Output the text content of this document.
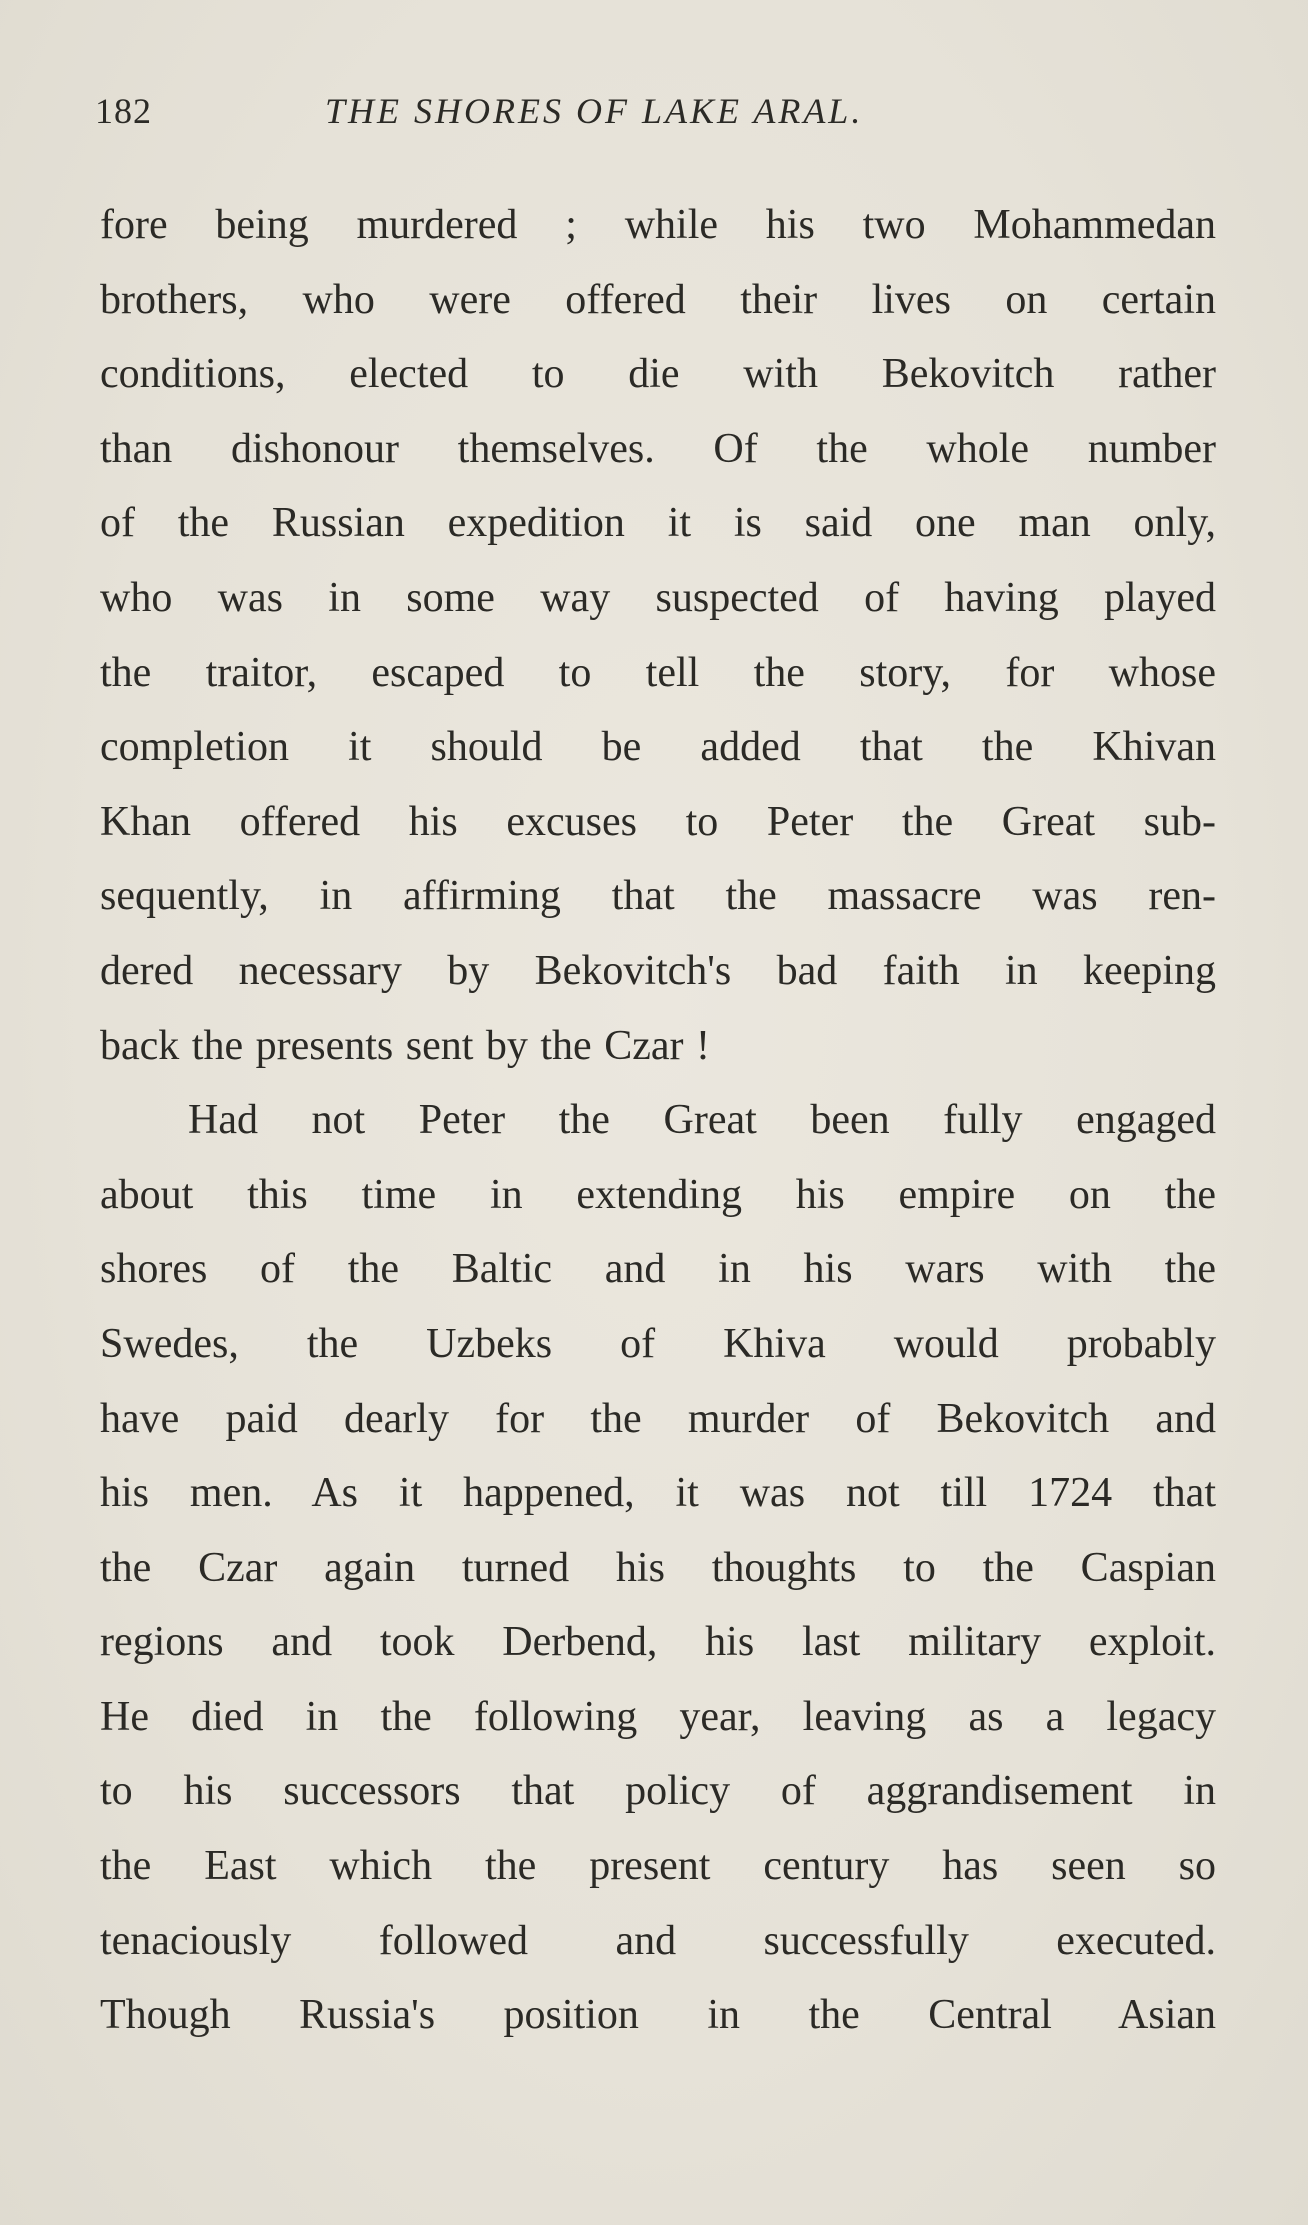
182	THE SHORES OF LAKE ARAL.
fore being murdered ; while his two Mohammedan
brothers, who were offered their lives on certain
conditions, elected to die with Bekovitch rather
than dishonour themselves. Of the whole number
of the Russian expedition it is said one man only,
who was in some way suspected of having played
the traitor, escaped to tell the story, for whose
completion it should be added that the Khivan
Khan offered his excuses to Peter the Great sub-
sequently, in affirming that the massacre was ren-
dered necessary by Bekovitch's bad faith in keeping
back the presents sent by the Czar !
Had not Peter the Great been fully engaged
about this time in extending his empire on the
shores of the Baltic and in his wars with the
Swedes, the Uzbeks of Khiva would probably
have paid dearly for the murder of Bekovitch and
his men. As it happened, it was not till 1724 that
the Czar again turned his thoughts to the Caspian
regions and took Derbend, his last military exploit.
He died in the following year, leaving as a legacy
to his successors that policy of aggrandisement in
the East which the present century has seen so
tenaciously followed and successfully executed.
Though Russia's position in the Central Asian
